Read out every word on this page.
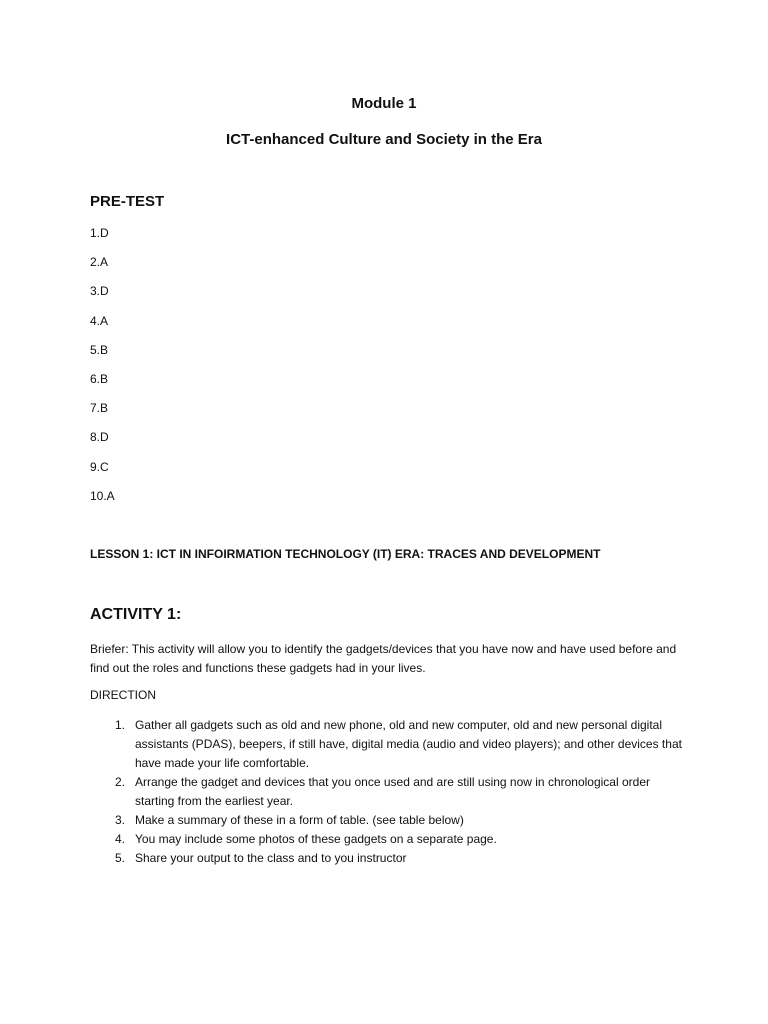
Module 1
ICT-enhanced Culture and Society in the Era
PRE-TEST
1.D
2.A
3.D
4.A
5.B
6.B
7.B
8.D
9.C
10.A
LESSON 1: ICT IN INFOIRMATION TECHNOLOGY (IT) ERA: TRACES AND DEVELOPMENT
ACTIVITY 1:
Briefer: This activity will allow you to identify the gadgets/devices that you have now and have used before and find out the roles and functions these gadgets had in your lives.
DIRECTION
1. Gather all gadgets such as old and new phone, old and new computer, old and new personal digital assistants (PDAS), beepers, if still have, digital media (audio and video players); and other devices that have made your life comfortable.
2. Arrange the gadget and devices that you once used and are still using now in chronological order starting from the earliest year.
3. Make a summary of these in a form of table. (see table below)
4. You may include some photos of these gadgets on a separate page.
5. Share your output to the class and to you instructor
